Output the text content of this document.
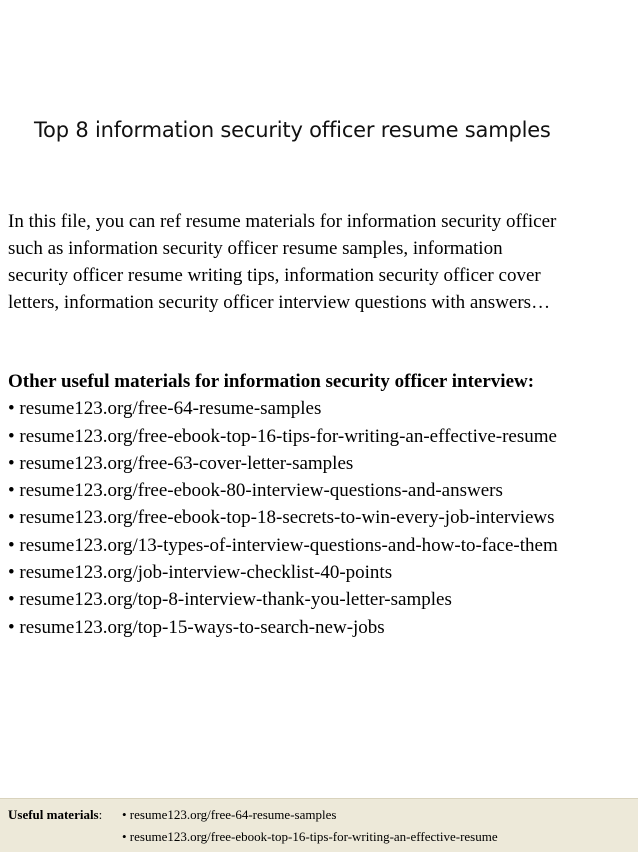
Top 8 information security officer resume samples
In this file, you can ref resume materials for information security officer
such as information security officer resume samples, information
security officer resume writing tips, information security officer cover
letters, information security officer interview questions with answers…
Other useful materials for information security officer interview:
• resume123.org/free-64-resume-samples
• resume123.org/free-ebook-top-16-tips-for-writing-an-effective-resume
• resume123.org/free-63-cover-letter-samples
• resume123.org/free-ebook-80-interview-questions-and-answers
• resume123.org/free-ebook-top-18-secrets-to-win-every-job-interviews
• resume123.org/13-types-of-interview-questions-and-how-to-face-them
• resume123.org/job-interview-checklist-40-points
• resume123.org/top-8-interview-thank-you-letter-samples
• resume123.org/top-15-ways-to-search-new-jobs
Useful materials: • resume123.org/free-64-resume-samples
• resume123.org/free-ebook-top-16-tips-for-writing-an-effective-resume
